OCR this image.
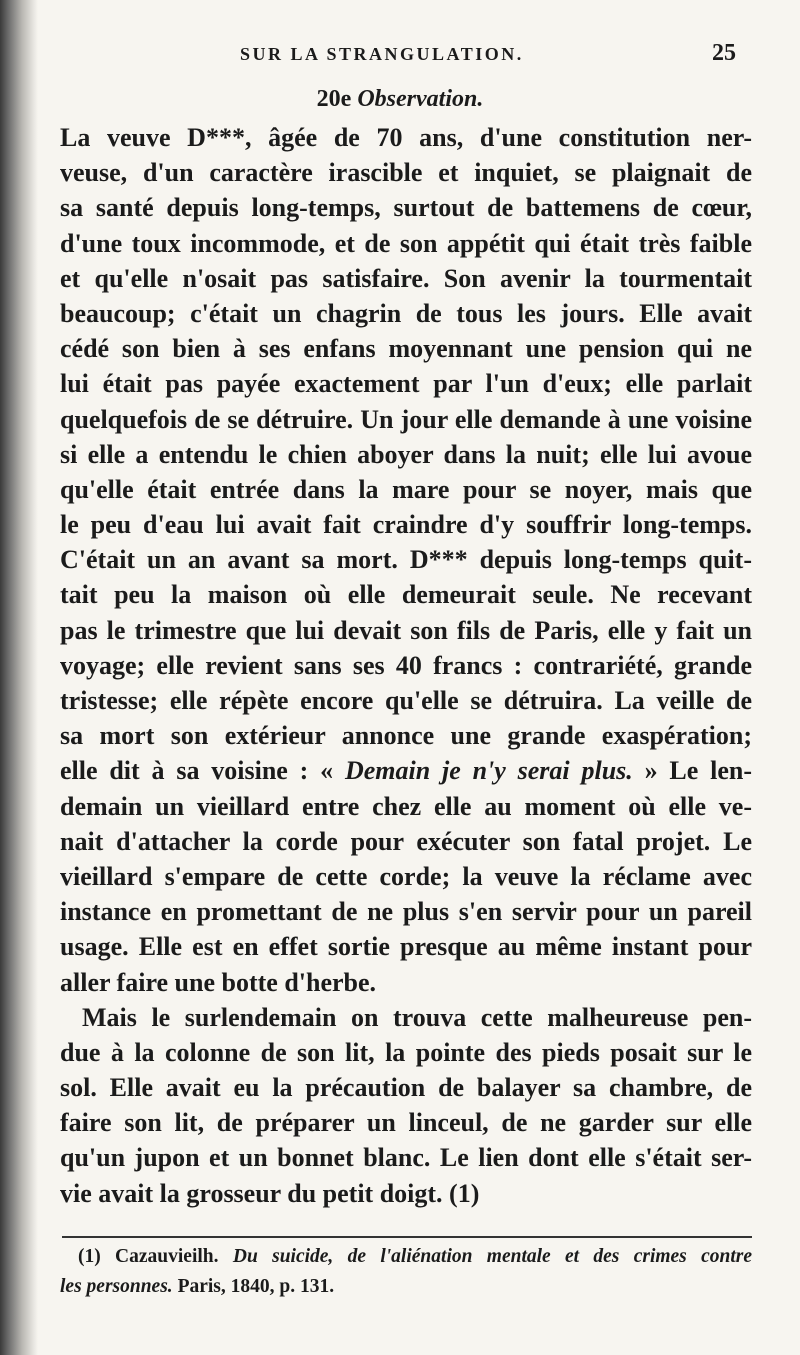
SUR LA STRANGULATION.	25
20e Observation.
La veuve D***, âgée de 70 ans, d'une constitution ner-
veuse, d'un caractère irascible et inquiet, se plaignait de
sa santé depuis long-temps, surtout de battemens de cœur,
d'une toux incommode, et de son appétit qui était très faible
et qu'elle n'osait pas satisfaire. Son avenir la tourmentait
beaucoup; c'était un chagrin de tous les jours. Elle avait
cédé son bien à ses enfans moyennant une pension qui ne
lui était pas payée exactement par l'un d'eux; elle parlait
quelquefois de se détruire. Un jour elle demande à une voisine
si elle a entendu le chien aboyer dans la nuit; elle lui avoue
qu'elle était entrée dans la mare pour se noyer, mais que
le peu d'eau lui avait fait craindre d'y souffrir long-temps.
C'était un an avant sa mort. D*** depuis long-temps quit-
tait peu la maison où elle demeurait seule. Ne recevant
pas le trimestre que lui devait son fils de Paris, elle y fait un
voyage; elle revient sans ses 40 francs : contrariété, grande
tristesse; elle répète encore qu'elle se détruira. La veille de
sa mort son extérieur annonce une grande exaspération;
elle dit à sa voisine : « Demain je n'y serai plus. » Le len-
demain un vieillard entre chez elle au moment où elle ve-
nait d'attacher la corde pour exécuter son fatal projet. Le
vieillard s'empare de cette corde; la veuve la réclame avec
instance en promettant de ne plus s'en servir pour un pareil
usage. Elle est en effet sortie presque au même instant pour
aller faire une botte d'herbe.
Mais le surlendemain on trouva cette malheureuse pen-
due à la colonne de son lit, la pointe des pieds posait sur le
sol. Elle avait eu la précaution de balayer sa chambre, de
faire son lit, de préparer un linceul, de ne garder sur elle
qu'un jupon et un bonnet blanc. Le lien dont elle s'était ser-
vie avait la grosseur du petit doigt. (1)
(1) Cazauvieilh. Du suicide, de l'aliénation mentale et des crimes contre
les personnes. Paris, 1840, p. 131.
